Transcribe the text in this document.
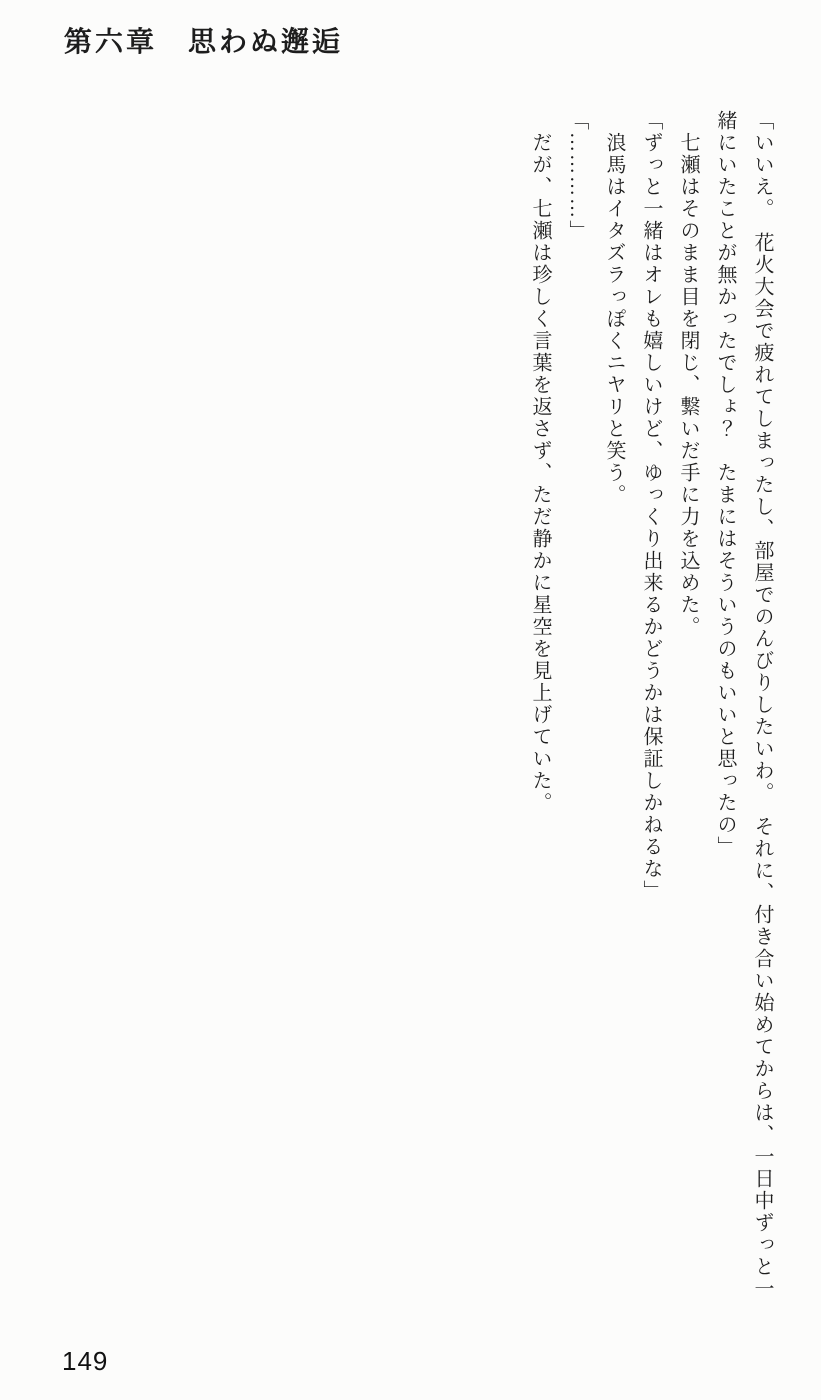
第六章　思わぬ邂逅

「いいえ。　花火大会で疲れてしまったし、部屋でのんびりしたいわ。　それに、付き合い始めてからは、一日中ずっと一

緒にいたことが無かったでしょ？　たまにはそういうのもいいと思ったの」

七瀬はそのまま目を閉じ、繋いだ手に力を込めた。

「ずっと一緒はオレも嬉しいけど、ゆっくり出来るかどうかは保証しかねるな」

浪馬はイタズラっぽくニヤリと笑う。

「…………」

だが、七瀬は珍しく言葉を返さず、ただ静かに星空を見上げていた。

149
